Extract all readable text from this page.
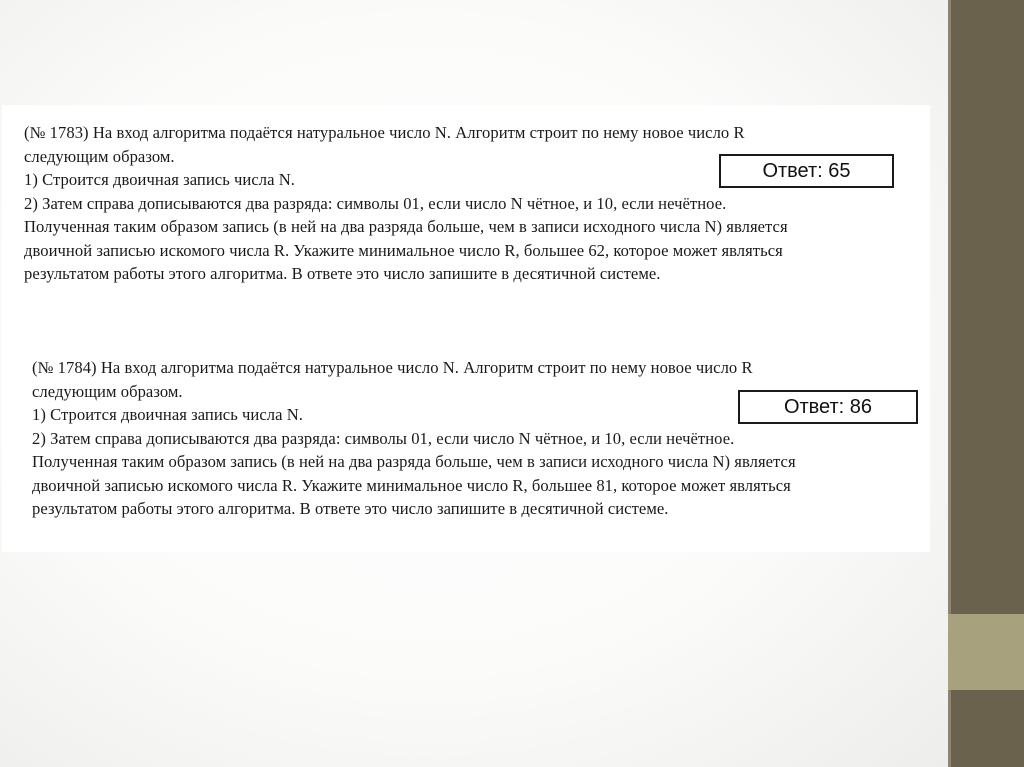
(№ 1783) На вход алгоритма подаётся натуральное число N. Алгоритм строит по нему новое число R

следующим образом.

1) Строится двоичная запись числа N.

2) Затем справа дописываются два разряда: символы 01, если число N чётное, и 10, если нечётное.

Полученная таким образом запись (в ней на два разряда больше, чем в записи исходного числа N) является

двоичной записью искомого числа R. Укажите минимальное число R, большее 62, которое может являться

результатом работы этого алгоритма. В ответе это число запишите в десятичной системе.

Ответ: 65

(№ 1784) На вход алгоритма подаётся натуральное число N. Алгоритм строит по нему новое число R

следующим образом.

1) Строится двоичная запись числа N.

2) Затем справа дописываются два разряда: символы 01, если число N чётное, и 10, если нечётное.

Полученная таким образом запись (в ней на два разряда больше, чем в записи исходного числа N) является

двоичной записью искомого числа R. Укажите минимальное число R, большее 81, которое может являться

результатом работы этого алгоритма. В ответе это число запишите в десятичной системе.

Ответ: 86
